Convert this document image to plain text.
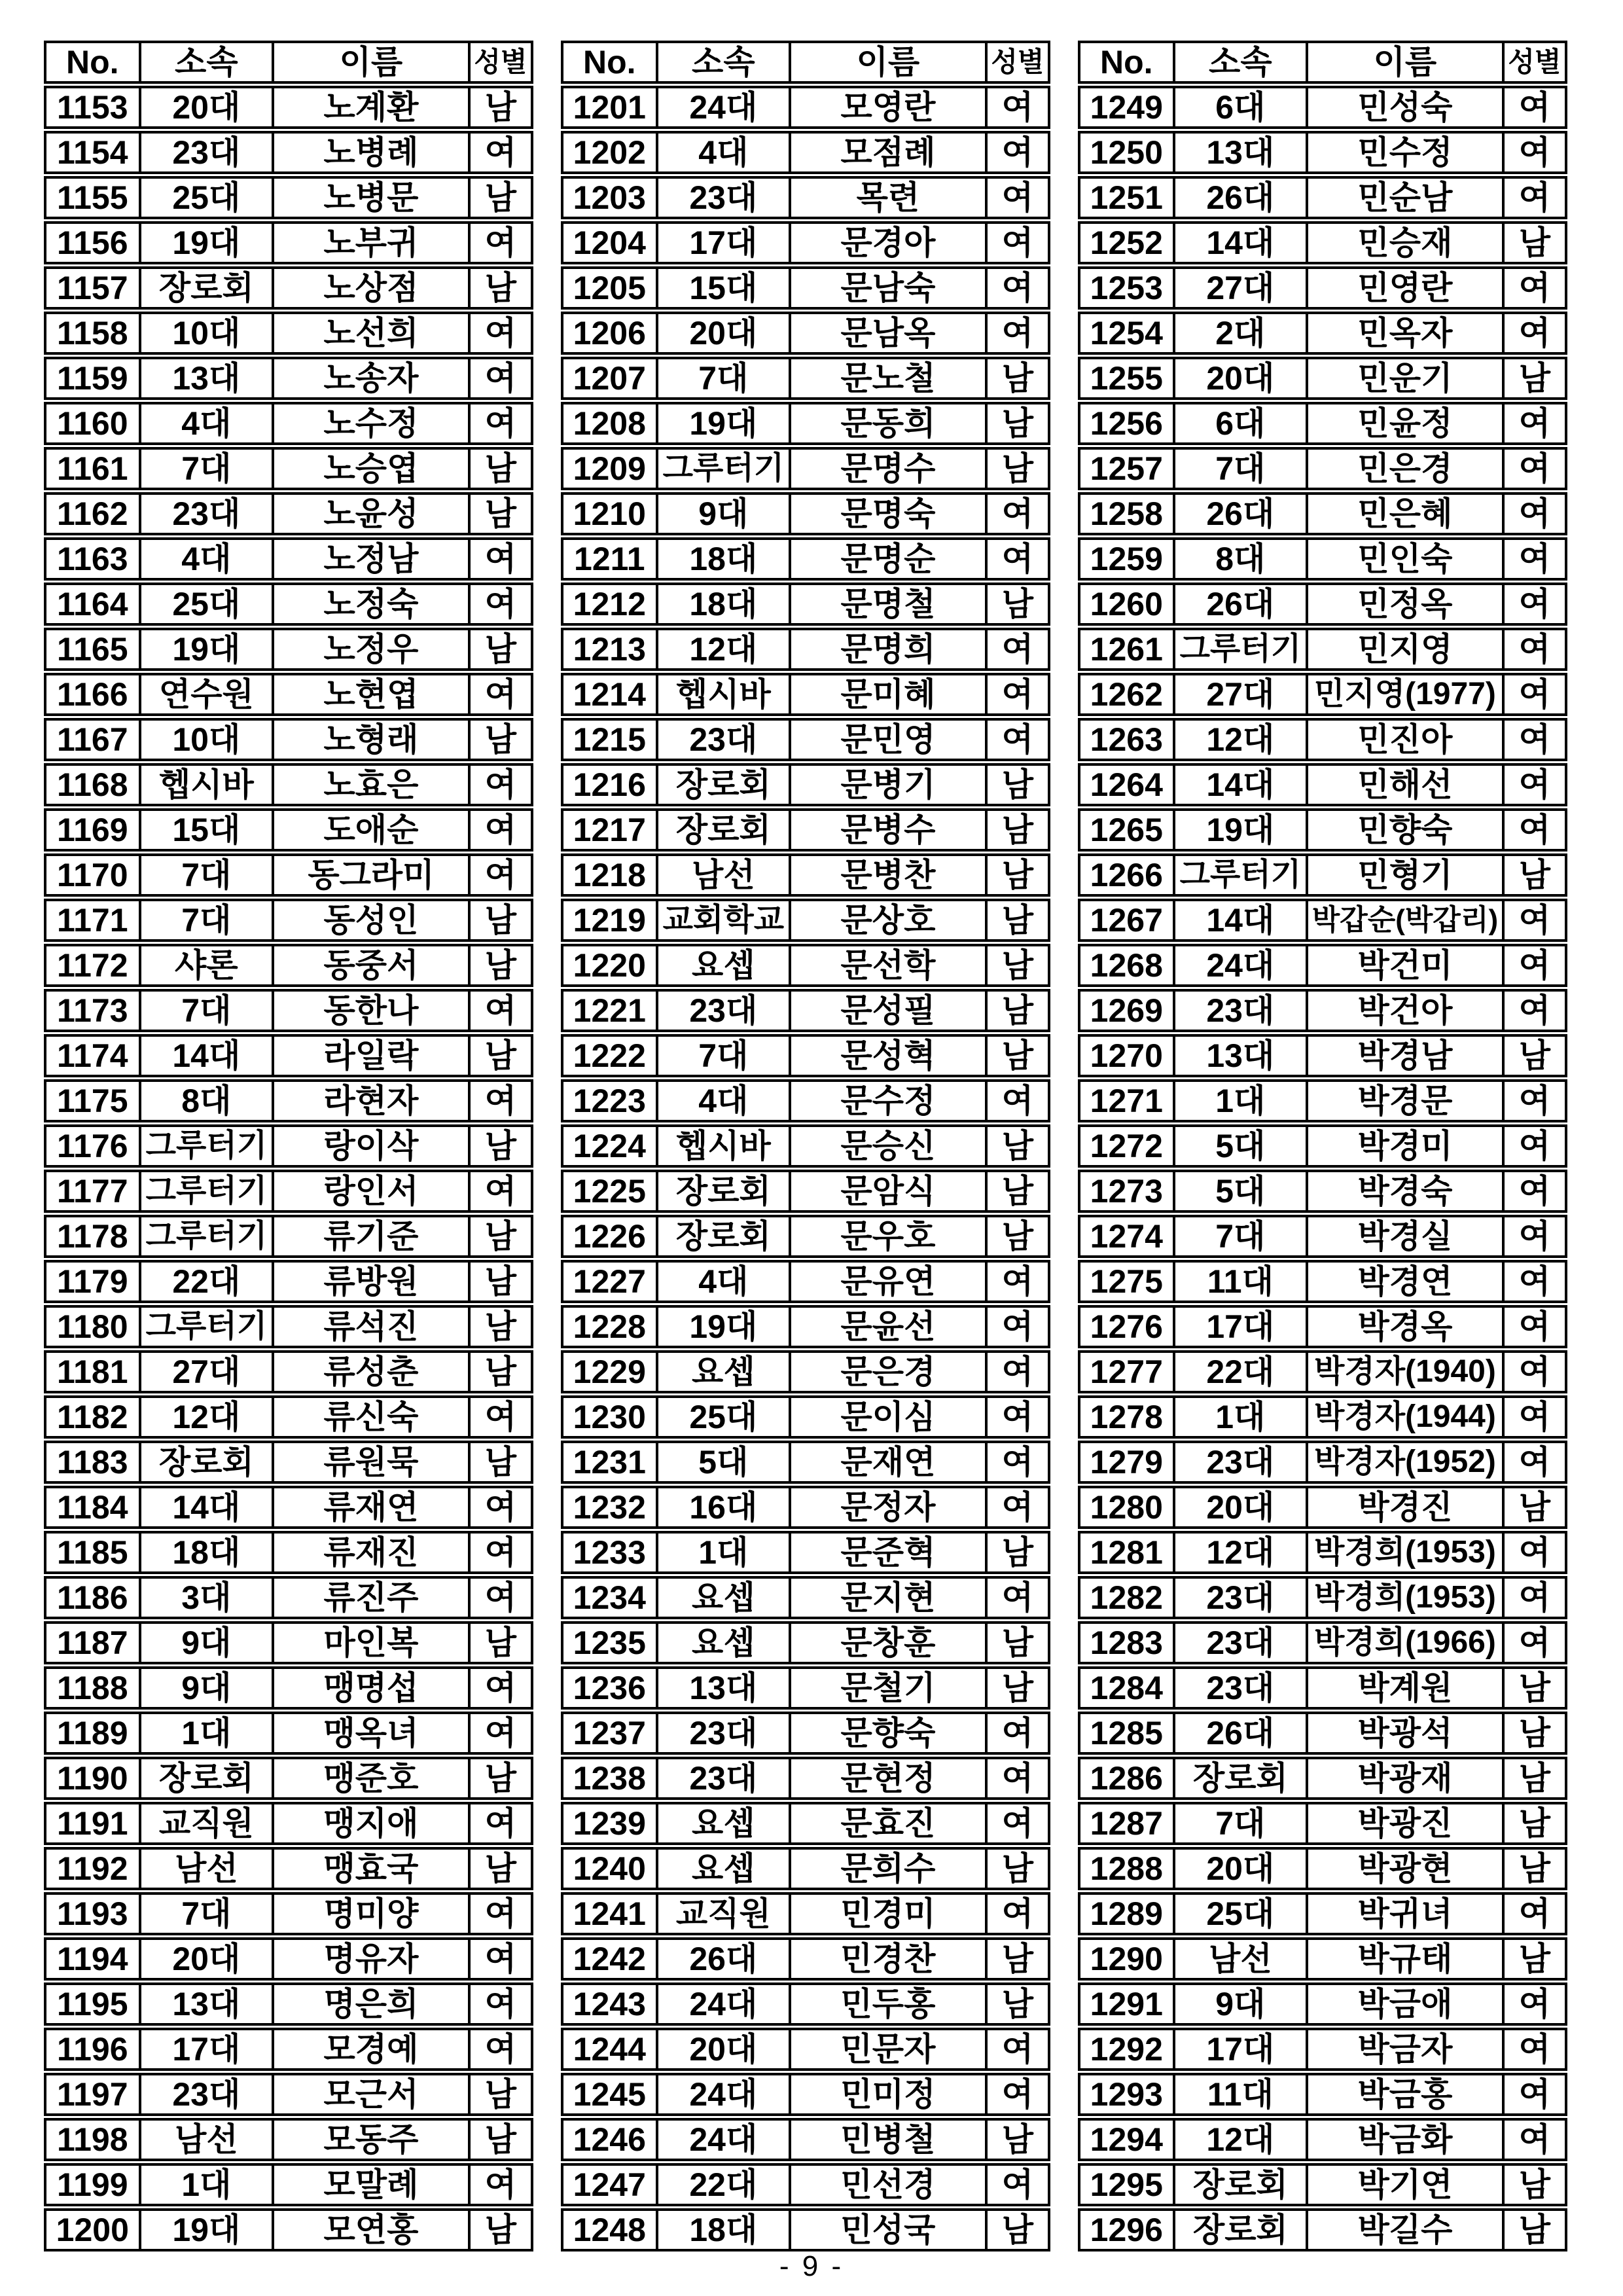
No. 소속	이름	성별
1153 20대	노계환 남
1154 23대	노병례 여
1155 25대	노병문 남
1156 19대	노부귀 여
1157 장로회 노상점 남
1158 10대	노선희 여
1159 13대	노송자 여
1160 4대	노수정 여
1161 7대	노승엽 남
1162 23대	노윤성 남
1163 4대	노정남 여
1164 25대	노정숙 여
1165 19대	노정우 남
1166 연수원 노현엽 여
1167 10대	노형래 남
1168 헵시바 노효은 여
1169 15대	도애순 여
1170 7대 동그라미 여
1171 7대	동성인 남
1172 샤론	동중서 남
1173 7대	동한나 여
1174 14대	라일락 남
1175 8대	라현자 여
1176 그루터기 랑이삭 남
1177 그루터기 랑인서 여
1178 그루터기 류기준 남
1179 22대	류방원 남
1180 그루터기 류석진 남
1181 27대	류성춘 남
1182 12대	류신숙 여
1183 장로회 류원묵 남
1184 14대	류재연 여
1185 18대	류재진 여
1186 3대	류진주 여
1187 9대	마인복 남
1188 9대	맹명섭 여
1189 1대	맹옥녀 여
1190 장로회 맹준호 남
1191 교직원 맹지애 여
1192 남선	맹효국 남
1193 7대	명미양 여
1194 20대	명유자 여
1195 13대	명은희 여
1196 17대	모경예 여
1197 23대	모근서 남
1198 남선	모동주 남
1199 1대	모말례 여
1200 19대	모연홍 남
No. 소속	이름	성별
1201 24대	모영란 여
1202 4대	모점례 여
1203 23대	목련	여
1204 17대	문경아 여
1205 15대	문남숙 여
1206 20대	문남옥 여
1207 7대	문노철 남
1208 19대	문동희 남
1209 그루터기 문명수 남
1210 9대	문명숙 여
1211 18대	문명순 여
1212 18대	문명철 남
1213 12대	문명희 여
1214 헵시바 문미혜 여
1215 23대	문민영 여
1216 장로회 문병기 남
1217 장로회 문병수 남
1218 남선	문병찬 남
1219 교회학교 문상호 남
1220 요셉	문선학 남
1221 23대	문성필 남
1222 7대	문성혁 남
1223 4대	문수정 여
1224 헵시바 문승신 남
1225 장로회 문암식 남
1226 장로회 문우호 남
1227 4대	문유연 여
1228 19대	문윤선 여
1229 요셉	문은경 여
1230 25대	문이심 여
1231 5대	문재연 여
1232 16대	문정자 여
1233 1대	문준혁 남
1234 요셉	문지현 여
1235 요셉	문창훈 남
1236 13대	문철기 남
1237 23대	문향숙 여
1238 23대	문현정 여
1239 요셉	문효진 여
1240 요셉	문희수 남
1241 교직원 민경미 여
1242 26대	민경찬 남
1243 24대	민두홍 남
1244 20대	민문자 여
1245 24대	민미정 여
1246 24대	민병철 남
1247 22대	민선경 여
1248 18대	민성국 남
No. 소속	이름	성별
1249 6대	민성숙 여
1250 13대	민수정 여
1251 26대	민순남 여
1252 14대	민승재 남
1253 27대	민영란 여
1254 2대	민옥자 여
1255 20대	민운기 남
1256 6대	민윤정 여
1257 7대	민은경 여
1258 26대	민은혜 여
1259 8대	민인숙 여
1260 26대	민정옥 여
1261 그루터기 민지영 여
1262 27대 민지영(1977) 여
1263 12대	민진아 여
1264 14대	민해선 여
1265 19대	민향숙 여
1266 그루터기 민형기 남
1267 14대 박갑순(박갑리) 여
1268 24대	박건미 여
1269 23대	박건아 여
1270 13대	박경남 남
1271 1대	박경문 여
1272 5대	박경미 여
1273 5대	박경숙 여
1274 7대	박경실 여
1275 11대	박경연 여
1276 17대	박경옥 여
1277 22대 박경자(1940) 여
1278 1대 박경자(1944) 여
1279 23대 박경자(1952) 여
1280 20대	박경진 남
1281 12대 박경희(1953) 여
1282 23대 박경희(1953) 여
1283 23대 박경희(1966) 여
1284 23대	박계원 남
1285 26대	박광석 남
1286 장로회 박광재 남
1287 7대	박광진 남
1288 20대	박광현 남
1289 25대	박귀녀 여
1290 남선	박규태 남
1291 9대	박금애 여
1292 17대	박금자 여
1293 11대	박금홍 여
1294 12대	박금화 여
1295 장로회 박기연 남
1296 장로회 박길수 남
- 9 -
